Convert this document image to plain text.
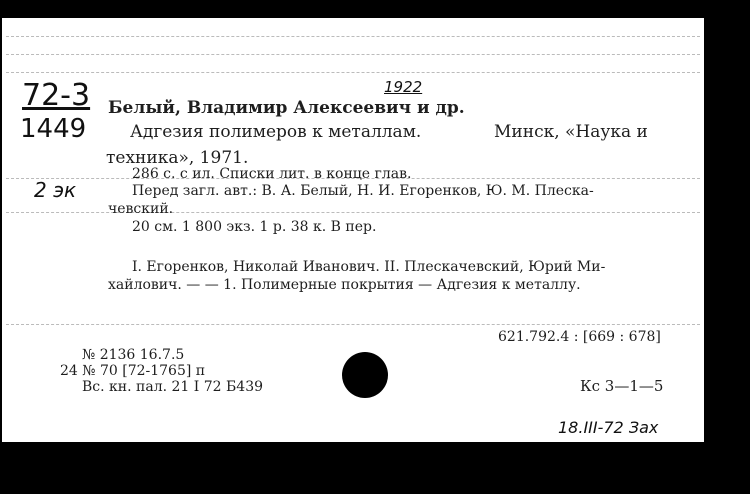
72-3
1449
2 эк
1922
Белый, Владимир Алексеевич и др.
Адгезия полимеров к металлам.	Минск, «Наука и
техника», 1971.
286 с. с ил. Списки лит. в конце глав.
Перед загл. авт.: В. А. Белый, Н. И. Егоренков, Ю. М. Плеска-
чевский.
20 см. 1 800 экз. 1 р. 38 к. В пер.
I. Егоренков, Николай Иванович. II. Плескачевский, Юрий Ми-
хайлович. — — 1. Полимерные покрытия — Адгезия к металлу.
621.792.4 : [669 : 678]
№ 2136 16.7.5
24 № 70 [72-1765] п
Вс. кн. пал. 21 I 72 Б439	Кс 3—1—5
18.III-72 Зах
